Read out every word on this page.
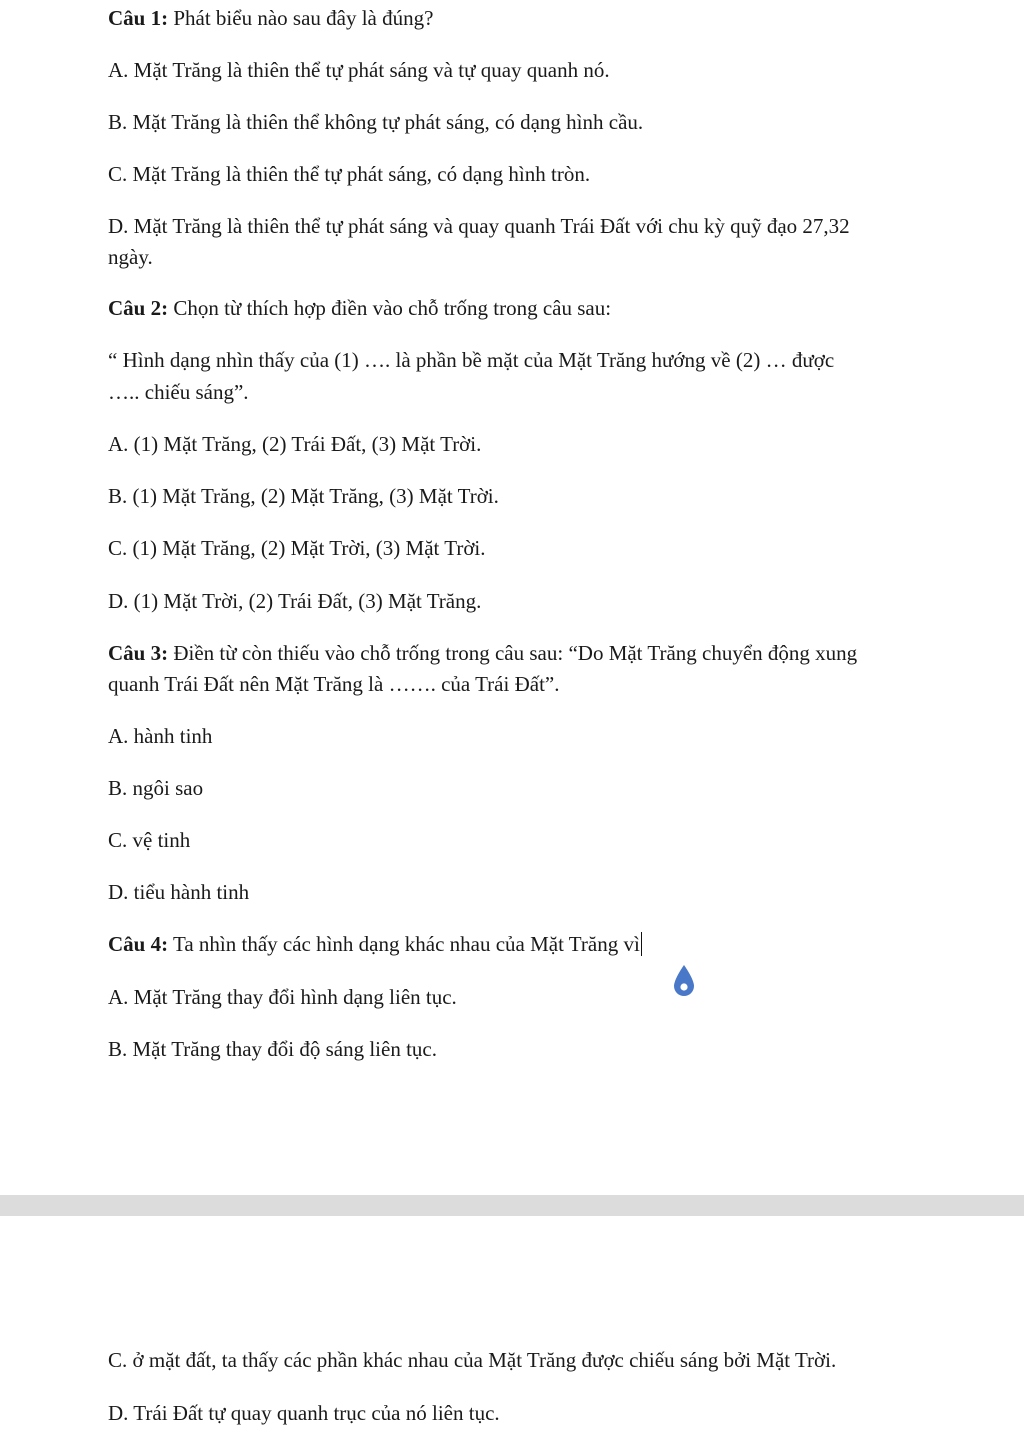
Câu 1: Phát biểu nào sau đây là đúng?

A. Mặt Trăng là thiên thể tự phát sáng và tự quay quanh nó.

B. Mặt Trăng là thiên thể không tự phát sáng, có dạng hình cầu.

C. Mặt Trăng là thiên thể tự phát sáng, có dạng hình tròn.

D. Mặt Trăng là thiên thể tự phát sáng và quay quanh Trái Đất với chu kỳ quỹ đạo 27,32

ngày.

Câu 2: Chọn từ thích hợp điền vào chỗ trống trong câu sau:

“ Hình dạng nhìn thấy của (1) …. là phần bề mặt của Mặt Trăng hướng về (2) … được

….. chiếu sáng”.

A. (1) Mặt Trăng, (2) Trái Đất, (3) Mặt Trời.

B. (1) Mặt Trăng, (2) Mặt Trăng, (3) Mặt Trời.

C. (1) Mặt Trăng, (2) Mặt Trời, (3) Mặt Trời.

D. (1) Mặt Trời, (2) Trái Đất, (3) Mặt Trăng.

Câu 3: Điền từ còn thiếu vào chỗ trống trong câu sau: “Do Mặt Trăng chuyển động xung

quanh Trái Đất nên Mặt Trăng là ……. của Trái Đất”.

A. hành tinh

B. ngôi sao

C. vệ tinh

D. tiểu hành tinh

Câu 4: Ta nhìn thấy các hình dạng khác nhau của Mặt Trăng vì

A. Mặt Trăng thay đổi hình dạng liên tục.

B. Mặt Trăng thay đổi độ sáng liên tục.

C. ở mặt đất, ta thấy các phần khác nhau của Mặt Trăng được chiếu sáng bởi Mặt Trời.

D. Trái Đất tự quay quanh trục của nó liên tục.
